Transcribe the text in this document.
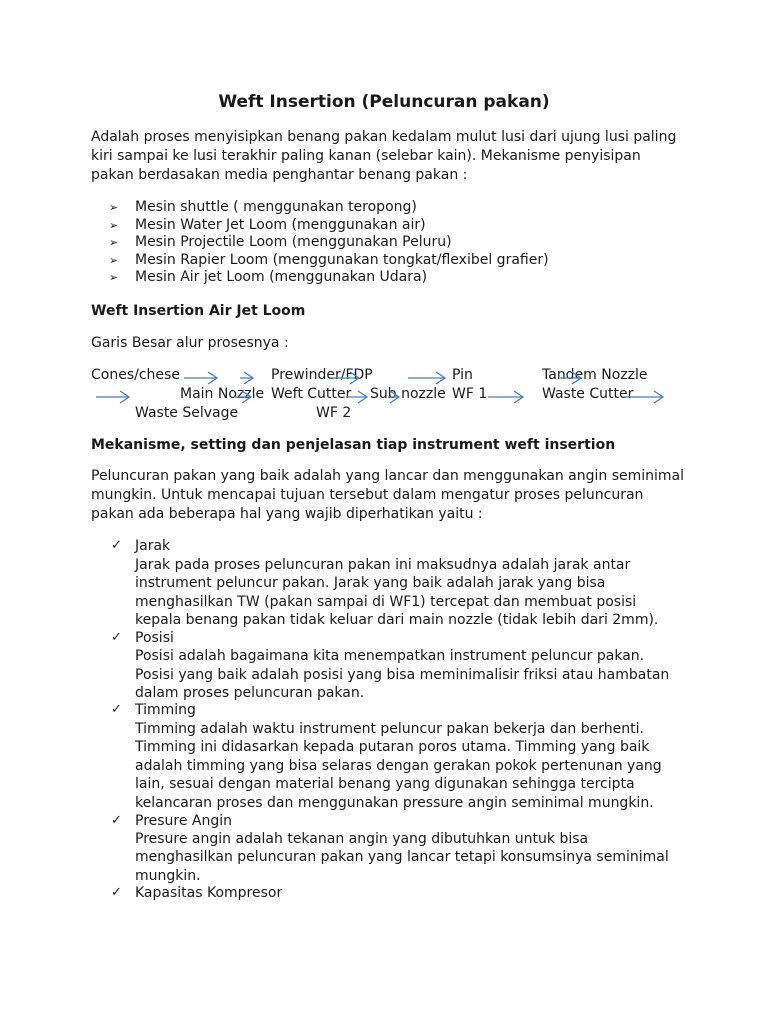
Weft Insertion (Peluncuran pakan)
Adalah proses menyisipkan benang pakan kedalam mulut lusi dari ujung lusi paling
kiri sampai ke lusi terakhir paling kanan (selebar kain). Mekanisme penyisipan
pakan berdasakan media penghantar benang pakan :
➢ Mesin shuttle ( menggunakan teropong)
➢ Mesin Water Jet Loom (menggunakan air)
➢ Mesin Projectile Loom (menggunakan Peluru)
➢ Mesin Rapier Loom (menggunakan tongkat/flexibel grafier)
➢ Mesin Air jet Loom (menggunakan Udara)
Weft Insertion Air Jet Loom
Garis Besar alur prosesnya :
Cones/chese	Prewinder/FDP	Pin	Tandem Nozzle
Main Nozzle Weft Cutter Sub nozzle WF 1	Waste Cutter
Waste Selvage	WF 2
Mekanisme, setting dan penjelasan tiap instrument weft insertion
Peluncuran pakan yang baik adalah yang lancar dan menggunakan angin seminimal
mungkin. Untuk mencapai tujuan tersebut dalam mengatur proses peluncuran
pakan ada beberapa hal yang wajib diperhatikan yaitu :
✓ Jarak
Jarak pada proses peluncuran pakan ini maksudnya adalah jarak antar
instrument peluncur pakan. Jarak yang baik adalah jarak yang bisa
menghasilkan TW (pakan sampai di WF1) tercepat dan membuat posisi
kepala benang pakan tidak keluar dari main nozzle (tidak lebih dari 2mm).
✓ Posisi
Posisi adalah bagaimana kita menempatkan instrument peluncur pakan.
Posisi yang baik adalah posisi yang bisa meminimalisir friksi atau hambatan
dalam proses peluncuran pakan.
✓ Timming
Timming adalah waktu instrument peluncur pakan bekerja dan berhenti.
Timming ini didasarkan kepada putaran poros utama. Timming yang baik
adalah timming yang bisa selaras dengan gerakan pokok pertenunan yang
lain, sesuai dengan material benang yang digunakan sehingga tercipta
kelancaran proses dan menggunakan pressure angin seminimal mungkin.
✓ Presure Angin
Presure angin adalah tekanan angin yang dibutuhkan untuk bisa
menghasilkan peluncuran pakan yang lancar tetapi konsumsinya seminimal
mungkin.
✓ Kapasitas Kompresor
